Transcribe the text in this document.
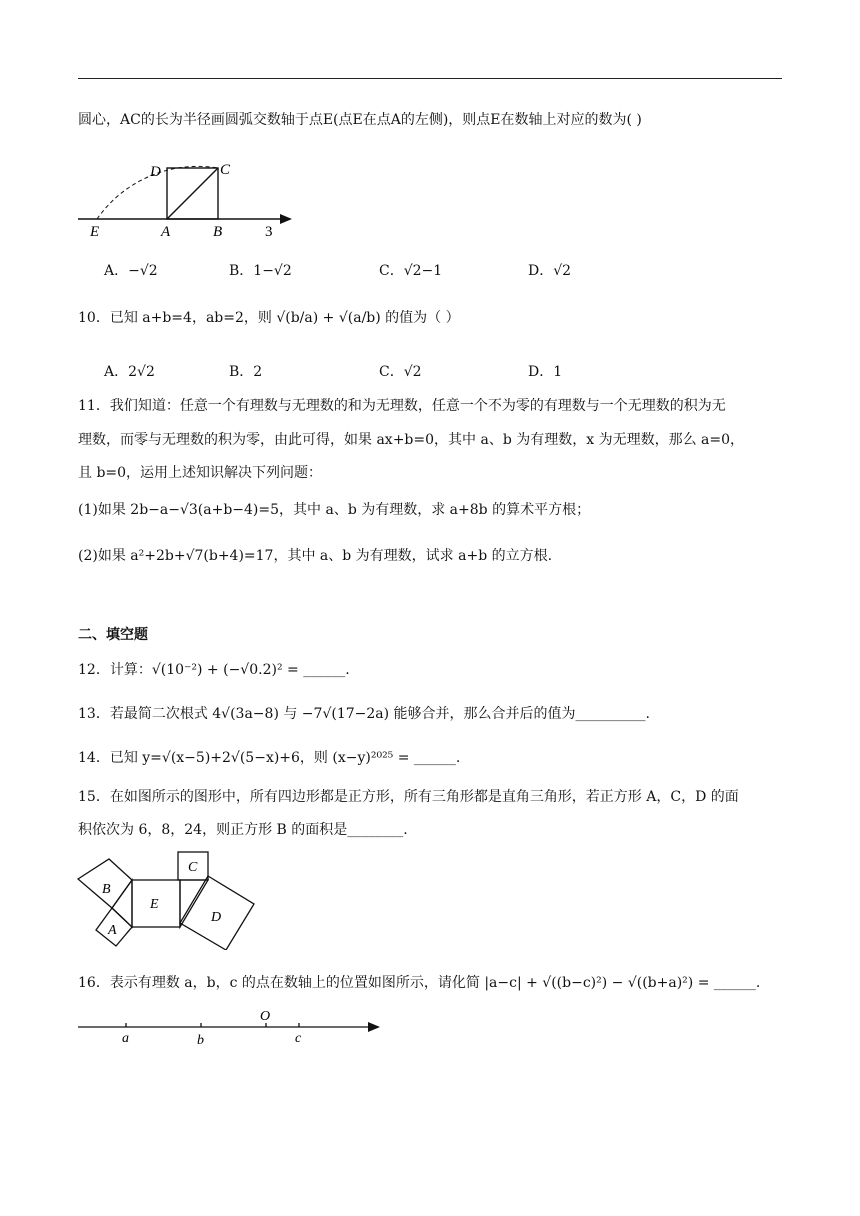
圆心，AC的长为半径画圆弧交数轴于点E(点E在点A的左侧)，则点E在数轴上对应的数为( )
D	C
E	A	B	3
A．−√2	B．1−√2	C．√2−1	D．√2
10．已知 a+b=4，ab=2，则 √(b/a) + √(a/b) 的值为（ ）
A．2√2	B．2	C．√2	D．1
11．我们知道：任意一个有理数与无理数的和为无理数，任意一个不为零的有理数与一个无理数的积为无
理数，而零与无理数的积为零，由此可得，如果 ax+b=0，其中 a、b 为有理数，x 为无理数，那么 a=0，
且 b=0，运用上述知识解决下列问题：
(1)如果 2b−a−√3(a+b−4)=5，其中 a、b 为有理数，求 a+8b 的算术平方根；
(2)如果 a²+2b+√7(b+4)=17，其中 a、b 为有理数，试求 a+b 的立方根.
二、填空题
12．计算：√(10⁻²) + (−√0.2)² = ______.
13．若最简二次根式 4√(3a−8) 与 −7√(17−2a) 能够合并，那么合并后的值为__________.
14．已知 y=√(x−5)+2√(5−x)+6，则 (x−y)²⁰²⁵ = ______.
15．在如图所示的图形中，所有四边形都是正方形，所有三角形都是直角三角形，若正方形 A，C，D 的面
积依次为 6，8，24，则正方形 B 的面积是________.
C
B
E
D
A
16．表示有理数 a，b，c 的点在数轴上的位置如图所示，请化简 |a−c| + √((b−c)²) − √((b+a)²) = ______.
O
a	b	c
